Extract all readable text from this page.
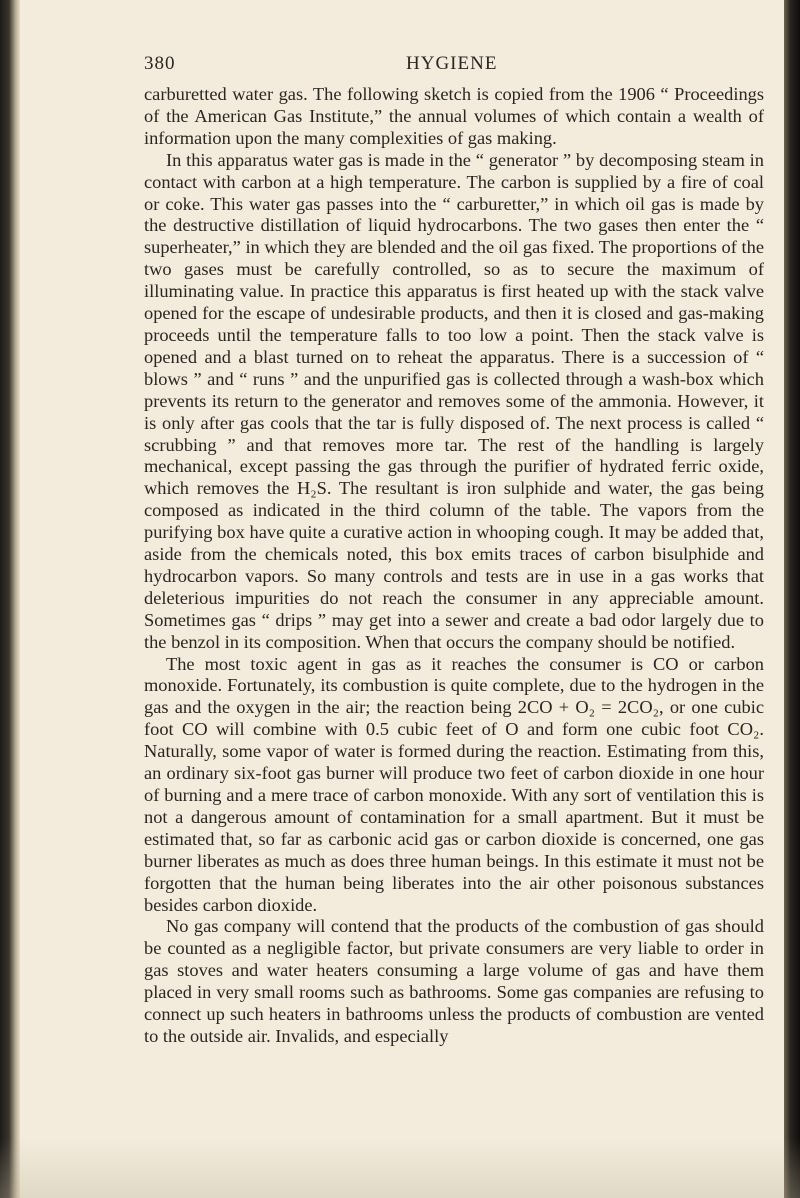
380	HYGIENE

carburetted water gas. The following sketch is copied from the 1906 “ Proceedings of the American Gas Institute,” the annual volumes of which contain a wealth of information upon the many complexities of gas making.

In this apparatus water gas is made in the “ generator ” by decomposing steam in contact with carbon at a high temperature. The carbon is supplied by a fire of coal or coke. This water gas passes into the “ carburetter,” in which oil gas is made by the destructive distillation of liquid hydrocarbons. The two gases then enter the “ superheater,” in which they are blended and the oil gas fixed. The proportions of the two gases must be carefully controlled, so as to secure the maximum of illuminating value. In practice this apparatus is first heated up with the stack valve opened for the escape of undesirable products, and then it is closed and gas-making proceeds until the temperature falls to too low a point. Then the stack valve is opened and a blast turned on to reheat the apparatus. There is a succession of “ blows ” and “ runs ” and the unpurified gas is collected through a wash-box which prevents its return to the generator and removes some of the ammonia. However, it is only after gas cools that the tar is fully disposed of. The next process is called “ scrubbing ” and that removes more tar. The rest of the handling is largely mechanical, except passing the gas through the purifier of hydrated ferric oxide, which removes the H₂S. The resultant is iron sulphide and water, the gas being composed as indicated in the third column of the table. The vapors from the purifying box have quite a curative action in whooping cough. It may be added that, aside from the chemicals noted, this box emits traces of carbon bisulphide and hydrocarbon vapors. So many controls and tests are in use in a gas works that deleterious impurities do not reach the consumer in any appreciable amount. Sometimes gas “ drips ” may get into a sewer and create a bad odor largely due to the benzol in its composition. When that occurs the company should be notified.

The most toxic agent in gas as it reaches the consumer is CO or carbon monoxide. Fortunately, its combustion is quite complete, due to the hydrogen in the gas and the oxygen in the air; the reaction being 2CO + O₂ = 2CO₂, or one cubic foot CO will combine with 0.5 cubic feet of O and form one cubic foot CO₂. Naturally, some vapor of water is formed during the reaction. Estimating from this, an ordinary six-foot gas burner will produce two feet of carbon dioxide in one hour of burning and a mere trace of carbon monoxide. With any sort of ventilation this is not a dangerous amount of contamination for a small apartment. But it must be estimated that, so far as carbonic acid gas or carbon dioxide is concerned, one gas burner liberates as much as does three human beings. In this estimate it must not be forgotten that the human being liberates into the air other poisonous substances besides carbon dioxide.

No gas company will contend that the products of the combustion of gas should be counted as a negligible factor, but private consumers are very liable to order in gas stoves and water heaters consuming a large volume of gas and have them placed in very small rooms such as bathrooms. Some gas companies are refusing to connect up such heaters in bathrooms unless the products of combustion are vented to the outside air. Invalids, and especially
